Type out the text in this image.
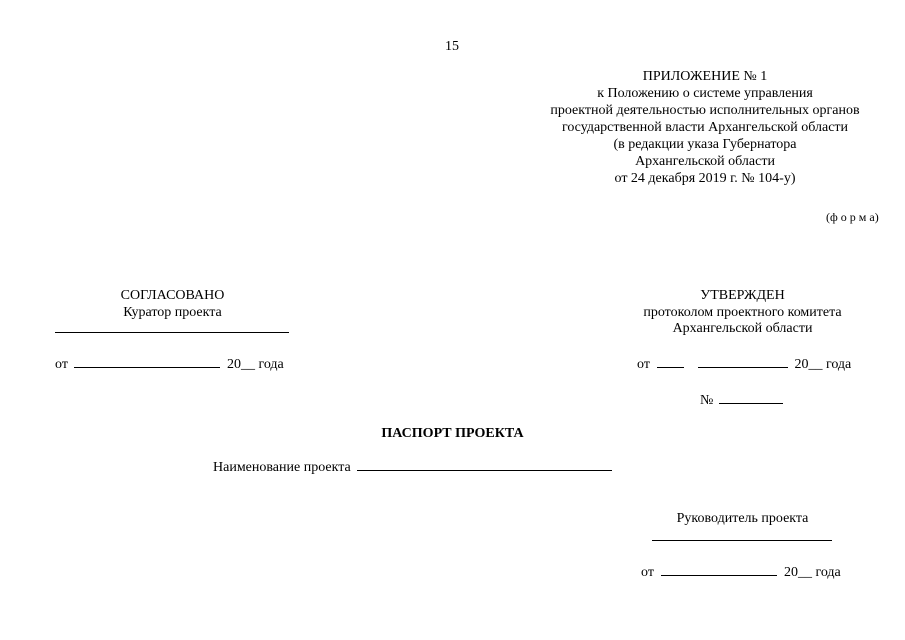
15
ПРИЛОЖЕНИЕ № 1
к Положению о системе управления
проектной деятельностью исполнительных органов
государственной власти Архангельской области
(в редакции указа Губернатора
Архангельской области
от 24 декабря 2019 г. № 104-у)
(ф о р м а)
СОГЛАСОВАНО
Куратор проекта
от	20__ года
УТВЕРЖДЕН
протоколом проектного комитета
Архангельской области
от	20__ года
№
ПАСПОРТ ПРОЕКТА
Наименование проекта
Руководитель проекта
от	20__ года
